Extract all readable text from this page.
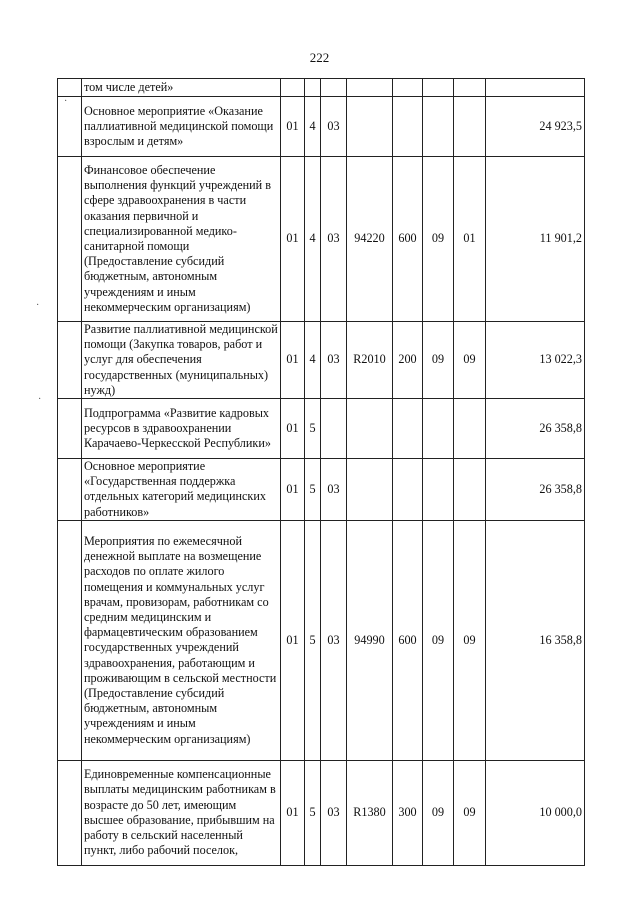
222
·
·
·
	том числе детей»								
	Основное мероприятие «Оказание паллиативной медицинской помощи взрослым и детям»	01	4	03					24 923,5
	Финансовое обеспечение выполнения функций учреждений в сфере здравоохранения в части оказания первичной и специализированной медико-санитарной помощи (Предоставление субсидий бюджетным, автономным учреждениям и иным некоммерческим организациям)	01	4	03	94220	600	09	01	11 901,2
	Развитие паллиативной медицинской помощи (Закупка товаров, работ и услуг для обеспечения государственных (муниципальных) нужд)	01	4	03	R2010	200	09	09	13 022,3
	Подпрограмма «Развитие кадровых ресурсов в здравоохранении Карачаево-Черкесской Республики»	01	5						26 358,8
	Основное мероприятие «Государственная поддержка отдельных категорий медицинских работников»	01	5	03					26 358,8
	Мероприятия по ежемесячной денежной выплате на возмещение расходов по оплате жилого помещения и коммунальных услуг врачам, провизорам, работникам со средним медицинским и фармацевтическим образованием государственных учреждений здравоохранения, работающим и проживающим в сельской местности (Предоставление субсидий бюджетным, автономным учреждениям и иным некоммерческим организациям)	01	5	03	94990	600	09	09	16 358,8
	Единовременные компенсационные выплаты медицинским работникам в возрасте до 50 лет, имеющим высшее образование, прибывшим на работу в сельский населенный пункт, либо рабочий поселок,	01	5	03	R1380	300	09	09	10 000,0
